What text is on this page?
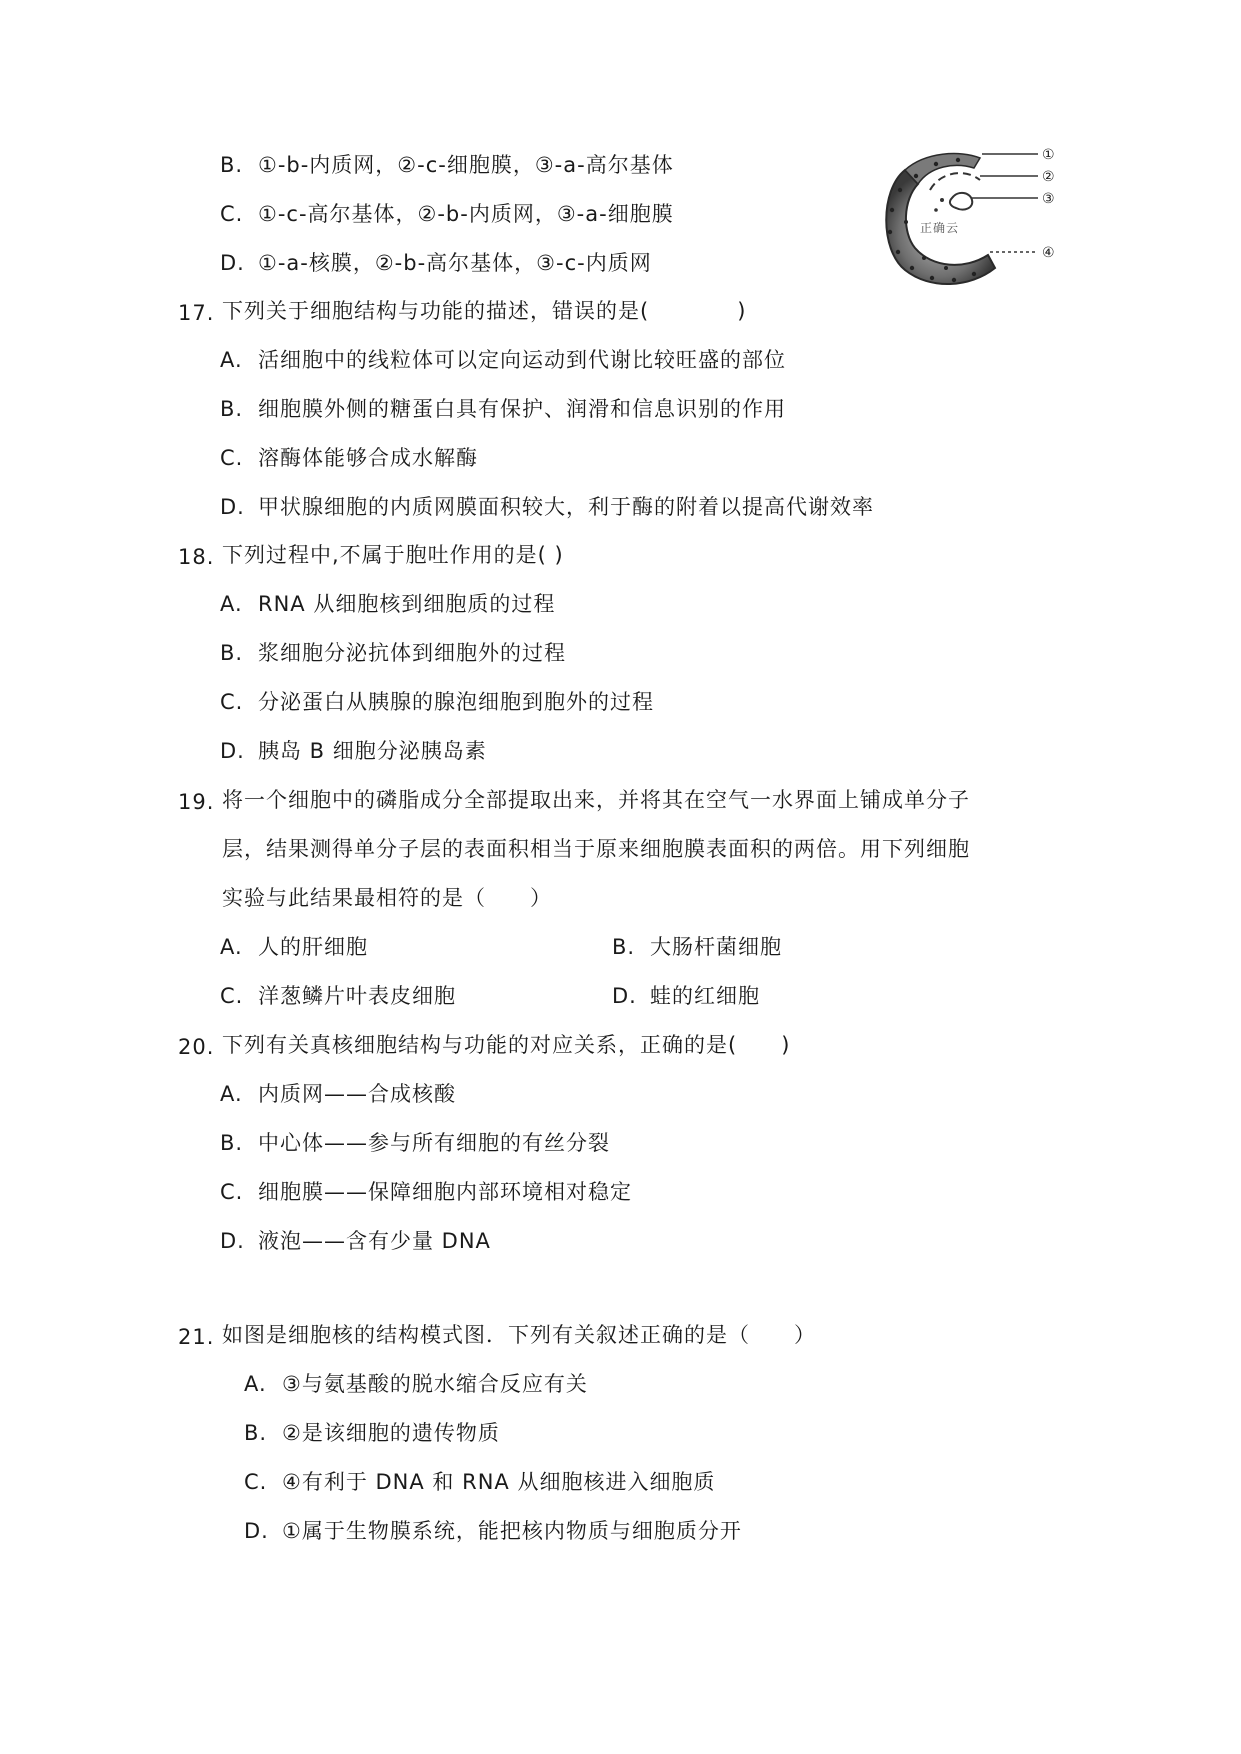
B. ①-b-内质网，②-c-细胞膜，③-a-高尔基体
C. ①-c-高尔基体，②-b-内质网，③-a-细胞膜
D. ①-a-核膜，②-b-高尔基体，③-c-内质网
正确云
①
②
③
④
17. 下列关于细胞结构与功能的描述，错误的是(　　　　)
A. 活细胞中的线粒体可以定向运动到代谢比较旺盛的部位
B. 细胞膜外侧的糖蛋白具有保护、润滑和信息识别的作用
C. 溶酶体能够合成水解酶
D. 甲状腺细胞的内质网膜面积较大，利于酶的附着以提高代谢效率
18. 下列过程中,不属于胞吐作用的是( )
A. RNA 从细胞核到细胞质的过程
B. 浆细胞分泌抗体到细胞外的过程
C. 分泌蛋白从胰腺的腺泡细胞到胞外的过程
D. 胰岛 B 细胞分泌胰岛素
19. 将一个细胞中的磷脂成分全部提取出来，并将其在空气一水界面上铺成单分子
层，结果测得单分子层的表面积相当于原来细胞膜表面积的两倍。用下列细胞
实验与此结果最相符的是（　　）
A. 人的肝细胞	B. 大肠杆菌细胞
C. 洋葱鳞片叶表皮细胞	D. 蛙的红细胞
20. 下列有关真核细胞结构与功能的对应关系，正确的是(　　)
A. 内质网——合成核酸
B. 中心体——参与所有细胞的有丝分裂
C. 细胞膜——保障细胞内部环境相对稳定
D. 液泡——含有少量 DNA
21. 如图是细胞核的结构模式图．下列有关叙述正确的是（　　）
A. ③与氨基酸的脱水缩合反应有关
B. ②是该细胞的遗传物质
C. ④有利于 DNA 和 RNA 从细胞核进入细胞质
D. ①属于生物膜系统，能把核内物质与细胞质分开
